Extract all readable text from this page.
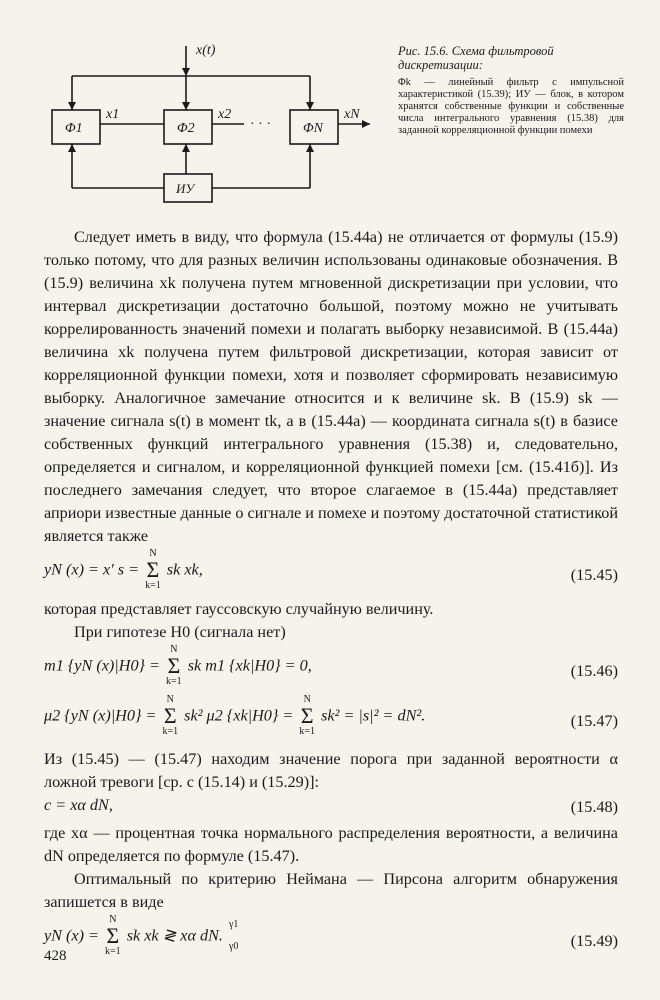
x(t)
Φ1	Φ2	ΦN
x1	x2	xN
· · ·
ИУ
Рис. 15.6. Схема фильтровой дискретизации:
Φk — линейный фильтр с импульсной характеристикой (15.39); ИУ — блок, в котором хранятся собственные функции и собственные числа интегрального уравнения (15.38) для заданной корреляционной функции помехи

Следует иметь в виду, что формула (15.44а) не отличается от формулы (15.9) только потому, что для разных величин использованы одинаковые обозначения. В (15.9) величина xk получена путем мгновенной дискретизации при условии, что интервал дискретизации достаточно большой, поэтому можно не учитывать коррелированность значений помехи и полагать выборку независимой. В (15.44а) величина xk получена путем фильтровой дискретизации, которая зависит от корреляционной функции помехи, хотя и позволяет сформировать независимую выборку. Аналогичное замечание относится и к величине sk. В (15.9) sk — значение сигнала s(t) в момент tk, а в (15.44а) — координата сигнала s(t) в базисе собственных функций интегрального уравнения (15.38) и, следовательно, определяется и сигналом, и корреляционной функцией помехи [см. (15.41б)]. Из последнего замечания следует, что второе слагаемое в (15.44а) представляет априори известные данные о сигнале и помехе и поэтому достаточной статистикой является также

yN (x) = x′ s =
N
Σ
k=1
sk xk,	(15.45)

которая представляет гауссовскую случайную величину.

При гипотезе H0 (сигнала нет)

m1 {yN (x)|H0} =
N
Σ
k=1
sk m1 {xk|H0} = 0,	(15.46)
μ2 {yN (x)|H0} =
N
Σ
k=1
sk² μ2 {xk|H0} =
N
Σ
k=1
sk² = |s|² = dN².	(15.47)

Из (15.45) — (15.47) находим значение порога при заданной вероятности α ложной тревоги [ср. с (15.14) и (15.29)]:

c = xα dN,	(15.48)

где xα — процентная точка нормального распределения вероятности, а величина dN определяется по формуле (15.47).

Оптимальный по критерию Неймана — Пирсона алгоритм обнаружения запишется в виде

yN (x) =
N
Σ
k=1
sk xk ≷ xα dN.
γ1

γ0	(15.49)
428
